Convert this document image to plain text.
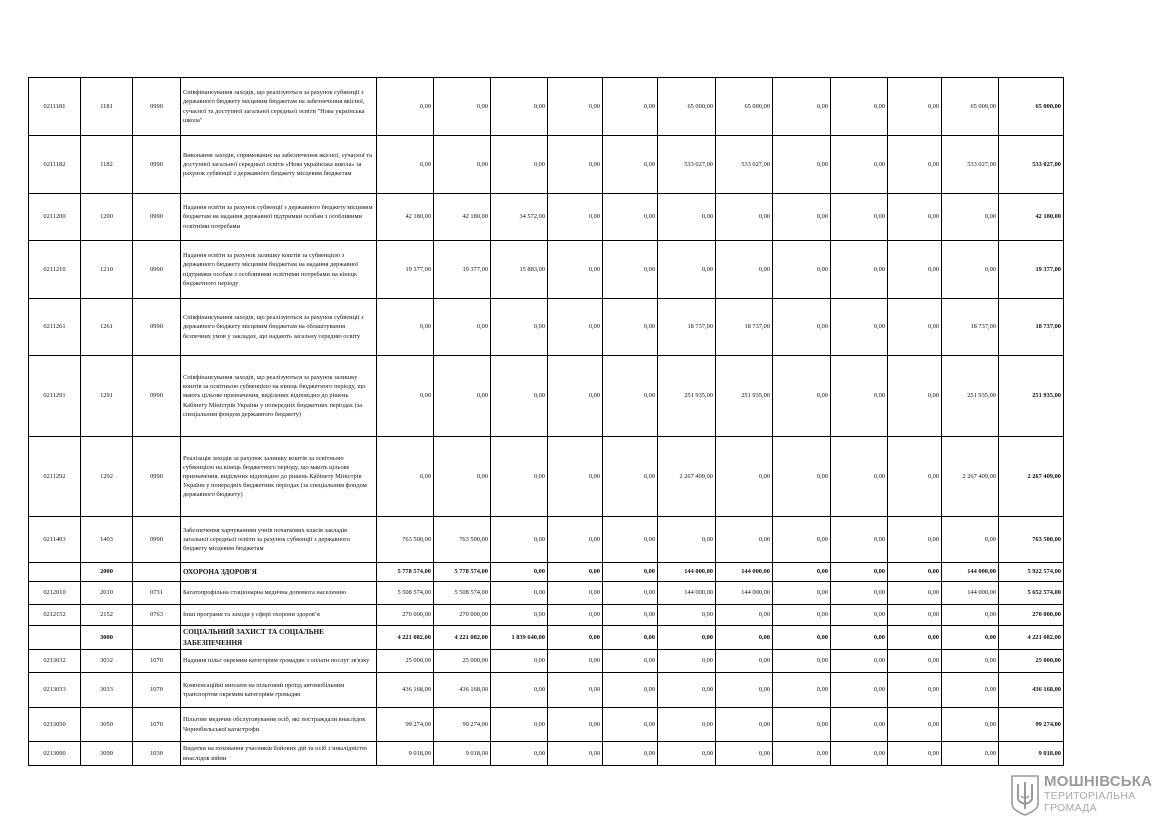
0211181	1181	0990	Співфінансування заходів, що реалізуються за рахунок субвенції з державного бюджету місцевим бюджетам на забезпечення якісної, сучасної та доступної загальної середньої освіти "Нова українська школа"	0,00	0,00	0,00	0,00	0,00	65 000,00	65 000,00	0,00	0,00	0,00	65 000,00	65 000,00
0211182	1182	0990	Виконання заходів, спрямованих на забезпечення якісної, сучасної та доступної загальної середньої освіти «Нова українська школа» за рахунок субвенції з державного бюджету місцевим бюджетам	0,00	0,00	0,00	0,00	0,00	533 027,00	533 027,00	0,00	0,00	0,00	533 027,00	533 027,00
0211200	1200	0990	Надання освіти за рахунок субвенції з державного бюджету місцевим бюджетам на надання державної підтримки особам з особливими освітніми потребами	42 180,00	42 180,00	34 572,00	0,00	0,00	0,00	0,00	0,00	0,00	0,00	0,00	42 180,00
0211210	1210	0990	Надання освіти за рахунок залишку коштів за субвенцією з державного бюджету місцевим бюджетам на надання державної підтримки особам з особливими освітніми потребами на кінець бюджетного періоду	19 377,00	19 377,00	15 883,00	0,00	0,00	0,00	0,00	0,00	0,00	0,00	0,00	19 377,00
0211261	1261	0990	Співфінансування заходів, що реалізуються за рахунок субвенції з державного бюджету місцевим бюджетам на облаштування безпечних умов у закладах, що надають загальну середню освіту	0,00	0,00	0,00	0,00	0,00	18 737,00	18 737,00	0,00	0,00	0,00	18 737,00	18 737,00
0211291	1291	0990	Співфінансування заходів, що реалізуються за рахунок залишку коштів за освітньою субвенцією на кінець бюджетного періоду, що мають цільове призначення, виділених відповідно до рішень Кабінету Міністрів України у попередніх бюджетних періодах (за спеціальним фондом державного бюджету)	0,00	0,00	0,00	0,00	0,00	251 935,00	251 935,00	0,00	0,00	0,00	251 935,00	251 935,00
0211292	1292	0990	Реалізація заходів за рахунок залишку коштів за освітньою субвенцією на кінець бюджетного періоду, що мають цільове призначення, виділених відповідно до рішень Кабінету Міністрів України у попередніх бюджетних періодах (за спеціальним фондом державного бюджету)	0,00	0,00	0,00	0,00	0,00	2 267 409,00	0,00	0,00	0,00	0,00	2 267 409,00	2 267 409,00
0211403	1403	0990	Забезпечення харчуванням учнів початкових класів закладів загальної середньої освіти за рахунок субвенції з державного бюджету місцевим бюджетам	763 500,00	763 500,00	0,00	0,00	0,00	0,00	0,00	0,00	0,00	0,00	0,00	763 500,00
	2000		ОХОРОНА ЗДОРОВ'Я	5 778 574,00	5 778 574,00	0,00	0,00	0,00	144 000,00	144 000,00	0,00	0,00	0,00	144 000,00	5 922 574,00
0212010	2010	0731	Багатопрофільна стаціонарна медична допомога населенню	5 508 574,00	5 508 574,00	0,00	0,00	0,00	144 000,00	144 000,00	0,00	0,00	0,00	144 000,00	5 652 574,00
0212152	2152	0763	Інші програми та заходи у сфері охорони здоров’я	270 000,00	270 000,00	0,00	0,00	0,00	0,00	0,00	0,00	0,00	0,00	0,00	270 000,00
	3000		СОЦІАЛЬНИЙ ЗАХИСТ ТА СОЦІАЛЬНЕ ЗАБЕЗПЕЧЕННЯ	4 221 082,00	4 221 082,00	1 839 640,00	0,00	0,00	0,00	0,00	0,00	0,00	0,00	0,00	4 221 082,00
0213032	3032	1070	Надання пільг окремим категоріям громадян з оплати послуг зв'язку	25 000,00	25 000,00	0,00	0,00	0,00	0,00	0,00	0,00	0,00	0,00	0,00	25 000,00
0213033	3033	1070	Компенсаційні виплати на пільговий проїзд автомобільним транспортом окремим категоріям громадян	436 168,00	436 168,00	0,00	0,00	0,00	0,00	0,00	0,00	0,00	0,00	0,00	436 168,00
0213050	3050	1070	Пільгове медичне обслуговування осіб, які постраждали внаслідок Чорнобильської катастрофи	99 274,00	99 274,00	0,00	0,00	0,00	0,00	0,00	0,00	0,00	0,00	0,00	99 274,00
0213090	3090	1030	Видатки на поховання учасників бойових дій та осіб з інвалідністю внаслідок війни	9 018,00	9 018,00	0,00	0,00	0,00	0,00	0,00	0,00	0,00	0,00	0,00	9 018,00
МОШНІВСЬКА
ТЕРИТОРІАЛЬНА
ГРОМАДА
